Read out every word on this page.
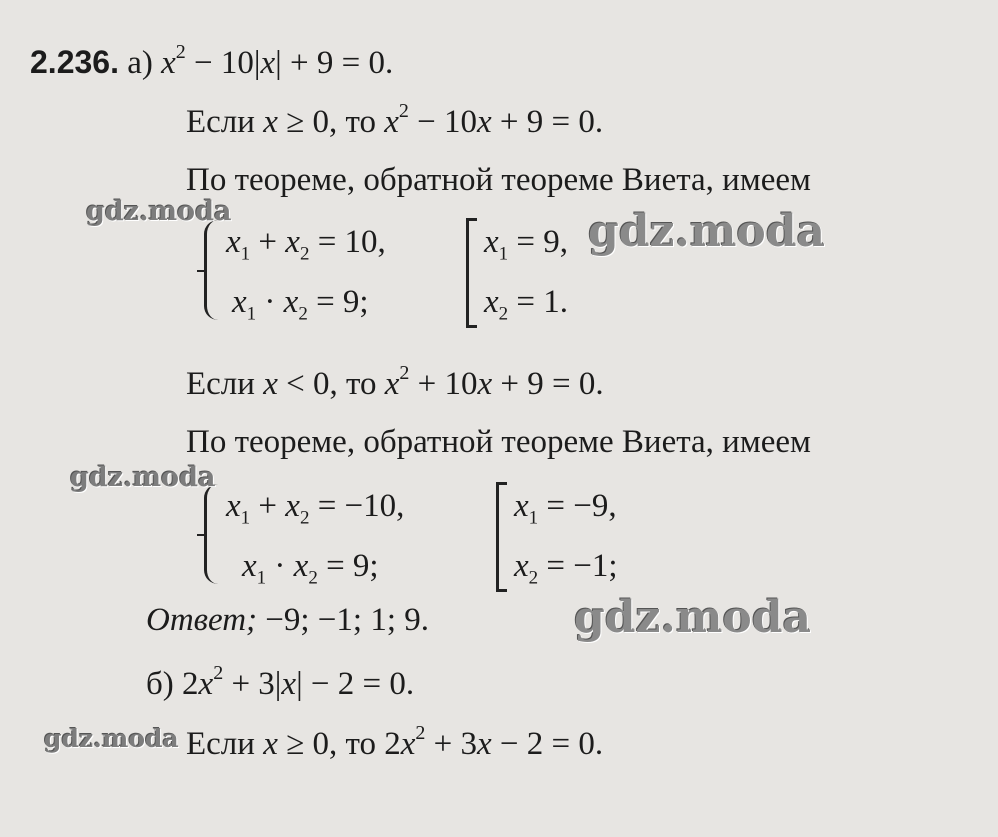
2.236. а) $x^2 - 10|x| + 9 = 0$.
Если x ≥ 0, то $x^2 - 10x + 9 = 0$.
По теореме, обратной теореме Виета, имеем
$x_1 + x_2 = 10$,
$x_1 \cdot x_2 = 9$;
$x_1 = 9$,
$x_2 = 1$.
Если x < 0, то $x^2 + 10x + 9 = 0$.
По теореме, обратной теореме Виета, имеем
$x_1 + x_2 = -10$,
$x_1 \cdot x_2 = 9$;
$x_1 = -9$,
$x_2 = -1$;
Ответ; −9; −1; 1; 9.
б) $2x^2 + 3|x| - 2 = 0$.
Если x ≥ 0, то $2x^2 + 3x - 2 = 0$.
gdz.moda	gdz.moda
gdz.moda
gdz.moda
gdz.moda
